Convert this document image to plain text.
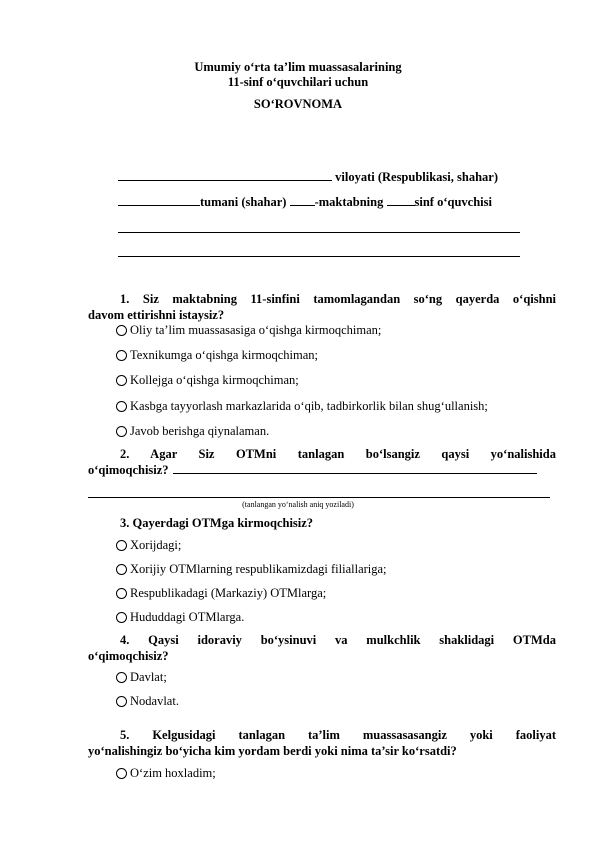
Umumiy o‘rta ta’lim muassasalarining
11-sinf o‘quvchilari uchun
SO‘ROVNOMA
viloyati (Respublikasi, shahar)
tumani (shahar) -maktabning sinf o‘quvchisi
1. Siz maktabning 11-sinfini tamomlagandan so‘ng qayerda o‘qishni
davom ettirishni istaysiz?
Oliy ta’lim muassasasiga o‘qishga kirmoqchiman;
Texnikumga o‘qishga kirmoqchiman;
Kollejga o‘qishga kirmoqchiman;
Kasbga tayyorlash markazlarida o‘qib, tadbirkorlik bilan shug‘ullanish;
Javob berishga qiynalaman.
2. Agar Siz OTMni tanlagan bo‘lsangiz qaysi yo‘nalishida
o‘qimoqchisiz?
(tanlangan yo‘nalish aniq yoziladi)
3. Qayerdagi OTMga kirmoqchisiz?
Xorijdagi;
Xorijiy OTMlarning respublikamizdagi filiallariga;
Respublikadagi (Markaziy) OTMlarga;
Hududdagi OTMlarga.
4. Qaysi idoraviy bo‘ysinuvi va mulkchlik shaklidagi OTMda
o‘qimoqchisiz?
Davlat;
Nodavlat.
5. Kelgusidagi tanlagan ta’lim muassasasangiz yoki faoliyat
yo‘nalishingiz bo‘yicha kim yordam berdi yoki nima ta’sir ko‘rsatdi?
O‘zim hoxladim;
